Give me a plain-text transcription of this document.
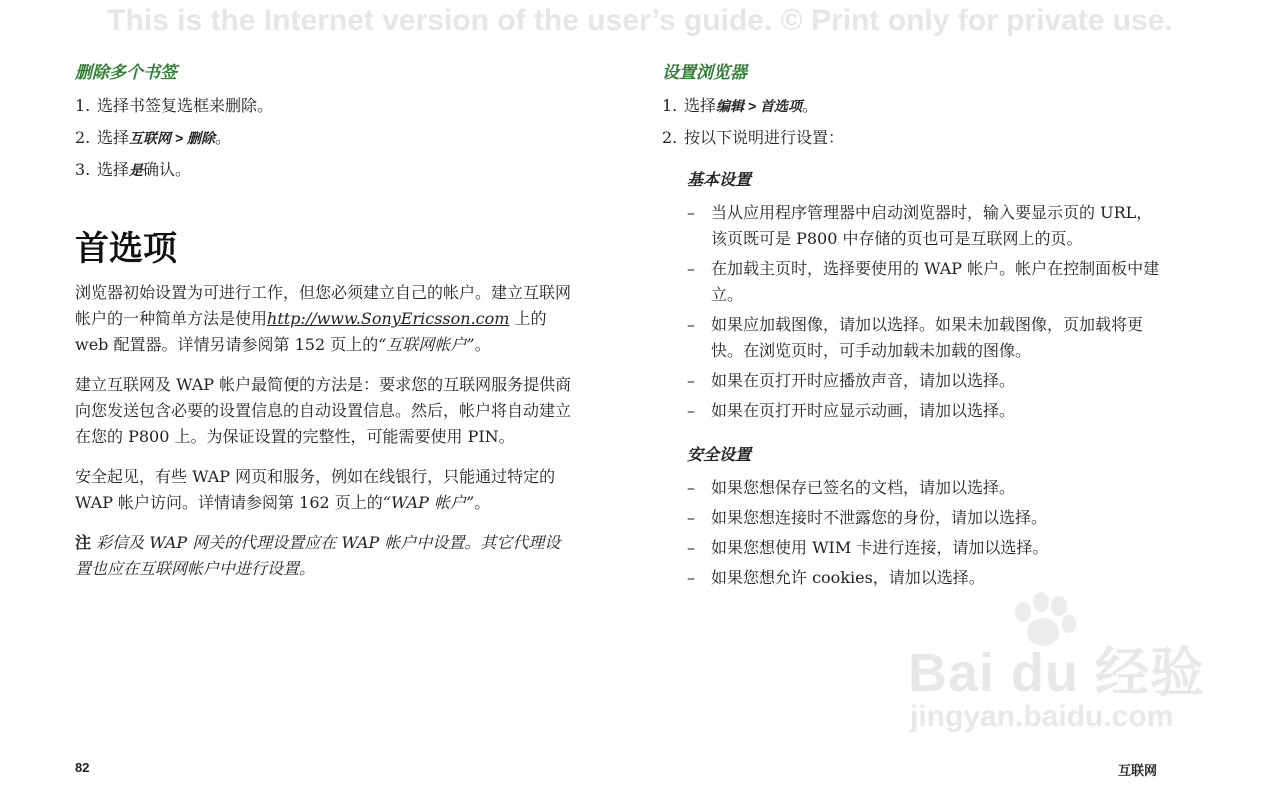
This is the Internet version of the user’s guide. © Print only for private use.
删除多个书签
1. 选择书签复选框来删除。
2. 选择互联网 > 删除。
3. 选择是确认。
首选项

浏览器初始设置为可进行工作，但您必须建立自己的帐户。建立互联网帐户的一种简单方法是使用http://www.SonyEricsson.com 上的 web 配置器。详情另请参阅第 152 页上的“互联网帐户”。

建立互联网及 WAP 帐户最简便的方法是：要求您的互联网服务提供商向您发送包含必要的设置信息的自动设置信息。然后，帐户将自动建立在您的 P800 上。为保证设置的完整性，可能需要使用 PIN。

安全起见，有些 WAP 网页和服务，例如在线银行，只能通过特定的 WAP 帐户访问。详情请参阅第 162 页上的“WAP 帐户”。

注 彩信及 WAP 网关的代理设置应在 WAP 帐户中设置。其它代理设置也应在互联网帐户中进行设置。

设置浏览器
1. 选择编辑 > 首选项。
2. 按以下说明进行设置：
基本设置
– 当从应用程序管理器中启动浏览器时，输入要显示页的 URL，该页既可是 P800 中存储的页也可是互联网上的页。
– 在加载主页时，选择要使用的 WAP 帐户。帐户在控制面板中建立。
– 如果应加载图像，请加以选择。如果未加载图像，页加载将更快。在浏览页时，可手动加载未加载的图像。
– 如果在页打开时应播放声音，请加以选择。
– 如果在页打开时应显示动画，请加以选择。
安全设置
– 如果您想保存已签名的文档，请加以选择。
– 如果您想连接时不泄露您的身份，请加以选择。
– 如果您想使用 WIM 卡进行连接，请加以选择。
– 如果您想允许 cookies，请加以选择。
Bai du 经验
jingyan.baidu.com
82	互联网
